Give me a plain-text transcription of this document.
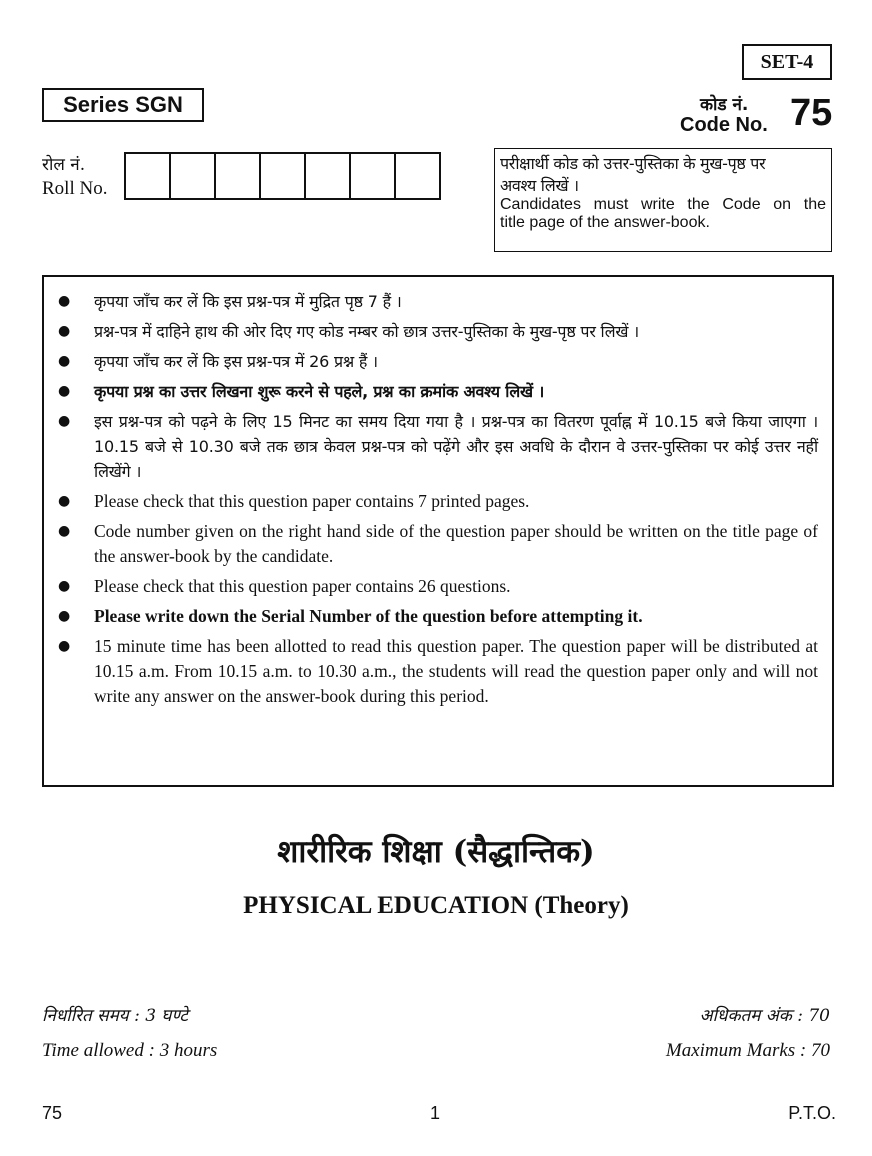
SET-4
Series SGN	कोड नं.
Code No. 75
रोल नं.
Roll No.
परीक्षार्थी कोड को उत्तर-पुस्तिका के मुख-पृष्ठ पर
अवश्य लिखें ।
Candidates must write the Code on the
title page of the answer-book.
●	कृपया जाँच कर लें कि इस प्रश्न-पत्र में मुद्रित पृष्ठ 7 हैं ।
●	प्रश्न-पत्र में दाहिने हाथ की ओर दिए गए कोड नम्बर को छात्र उत्तर-पुस्तिका के मुख-पृष्ठ पर लिखें ।
●	कृपया जाँच कर लें कि इस प्रश्न-पत्र में 26 प्रश्न हैं ।
●	कृपया प्रश्न का उत्तर लिखना शुरू करने से पहले, प्रश्न का क्रमांक अवश्य लिखें ।
●	इस प्रश्न-पत्र को पढ़ने के लिए 15 मिनट का समय दिया गया है । प्रश्न-पत्र का वितरण पूर्वाह्न में 10.15 बजे किया जाएगा । 10.15 बजे से 10.30 बजे तक छात्र केवल प्रश्न-पत्र को पढ़ेंगे और इस अवधि के दौरान वे उत्तर-पुस्तिका पर कोई उत्तर नहीं लिखेंगे ।
●	Please check that this question paper contains 7 printed pages.
●	Code number given on the right hand side of the question paper should be written on the title page of the answer-book by the candidate.
●	Please check that this question paper contains 26 questions.
●	Please write down the Serial Number of the question before attempting it.
●	15 minute time has been allotted to read this question paper. The question paper will be distributed at 10.15 a.m. From 10.15 a.m. to 10.30 a.m., the students will read the question paper only and will not write any answer on the answer-book during this period.
शारीरिक शिक्षा (सैद्धान्तिक)
PHYSICAL EDUCATION (Theory)
निर्धारित समय : 3 घण्टे	अधिकतम अंक : 70
Time allowed : 3 hours	Maximum Marks : 70
75	1	P.T.O.
